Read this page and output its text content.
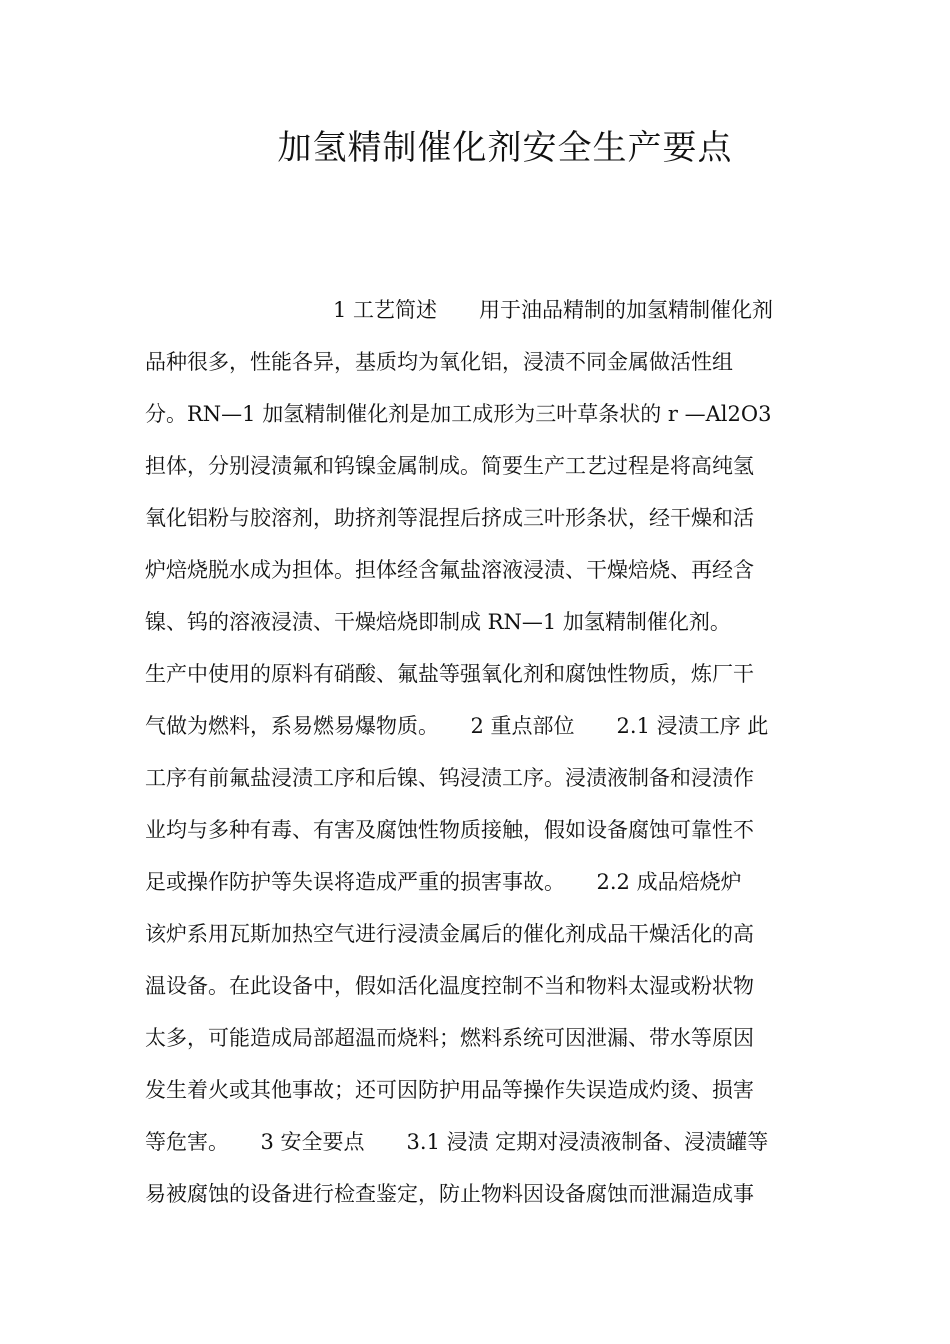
加氢精制催化剂安全生产要点
1 工艺简述　　用于油品精制的加氢精制催化剂
品种很多，性能各异，基质均为氧化铝，浸渍不同金属做活性组
分。RN—1 加氢精制催化剂是加工成形为三叶草条状的 r —Al2O3
担体，分别浸渍氟和钨镍金属制成。简要生产工艺过程是将高纯氢
氧化铝粉与胶溶剂，助挤剂等混捏后挤成三叶形条状，经干燥和活
炉焙烧脱水成为担体。担体经含氟盐溶液浸渍、干燥焙烧、再经含
镍、钨的溶液浸渍、干燥焙烧即制成 RN—1 加氢精制催化剂。
生产中使用的原料有硝酸、氟盐等强氧化剂和腐蚀性物质，炼厂干
气做为燃料，系易燃易爆物质。　　2 重点部位　　2.1 浸渍工序 此
工序有前氟盐浸渍工序和后镍、钨浸渍工序。浸渍液制备和浸渍作
业均与多种有毒、有害及腐蚀性物质接触，假如设备腐蚀可靠性不
足或操作防护等失误将造成严重的损害事故。　　2.2 成品焙烧炉
该炉系用瓦斯加热空气进行浸渍金属后的催化剂成品干燥活化的高
温设备。在此设备中，假如活化温度控制不当和物料太湿或粉状物
太多，可能造成局部超温而烧料；燃料系统可因泄漏、带水等原因
发生着火或其他事故；还可因防护用品等操作失误造成灼烫、损害
等危害。　　3 安全要点　　3.1 浸渍 定期对浸渍液制备、浸渍罐等
易被腐蚀的设备进行检查鉴定，防止物料因设备腐蚀而泄漏造成事
